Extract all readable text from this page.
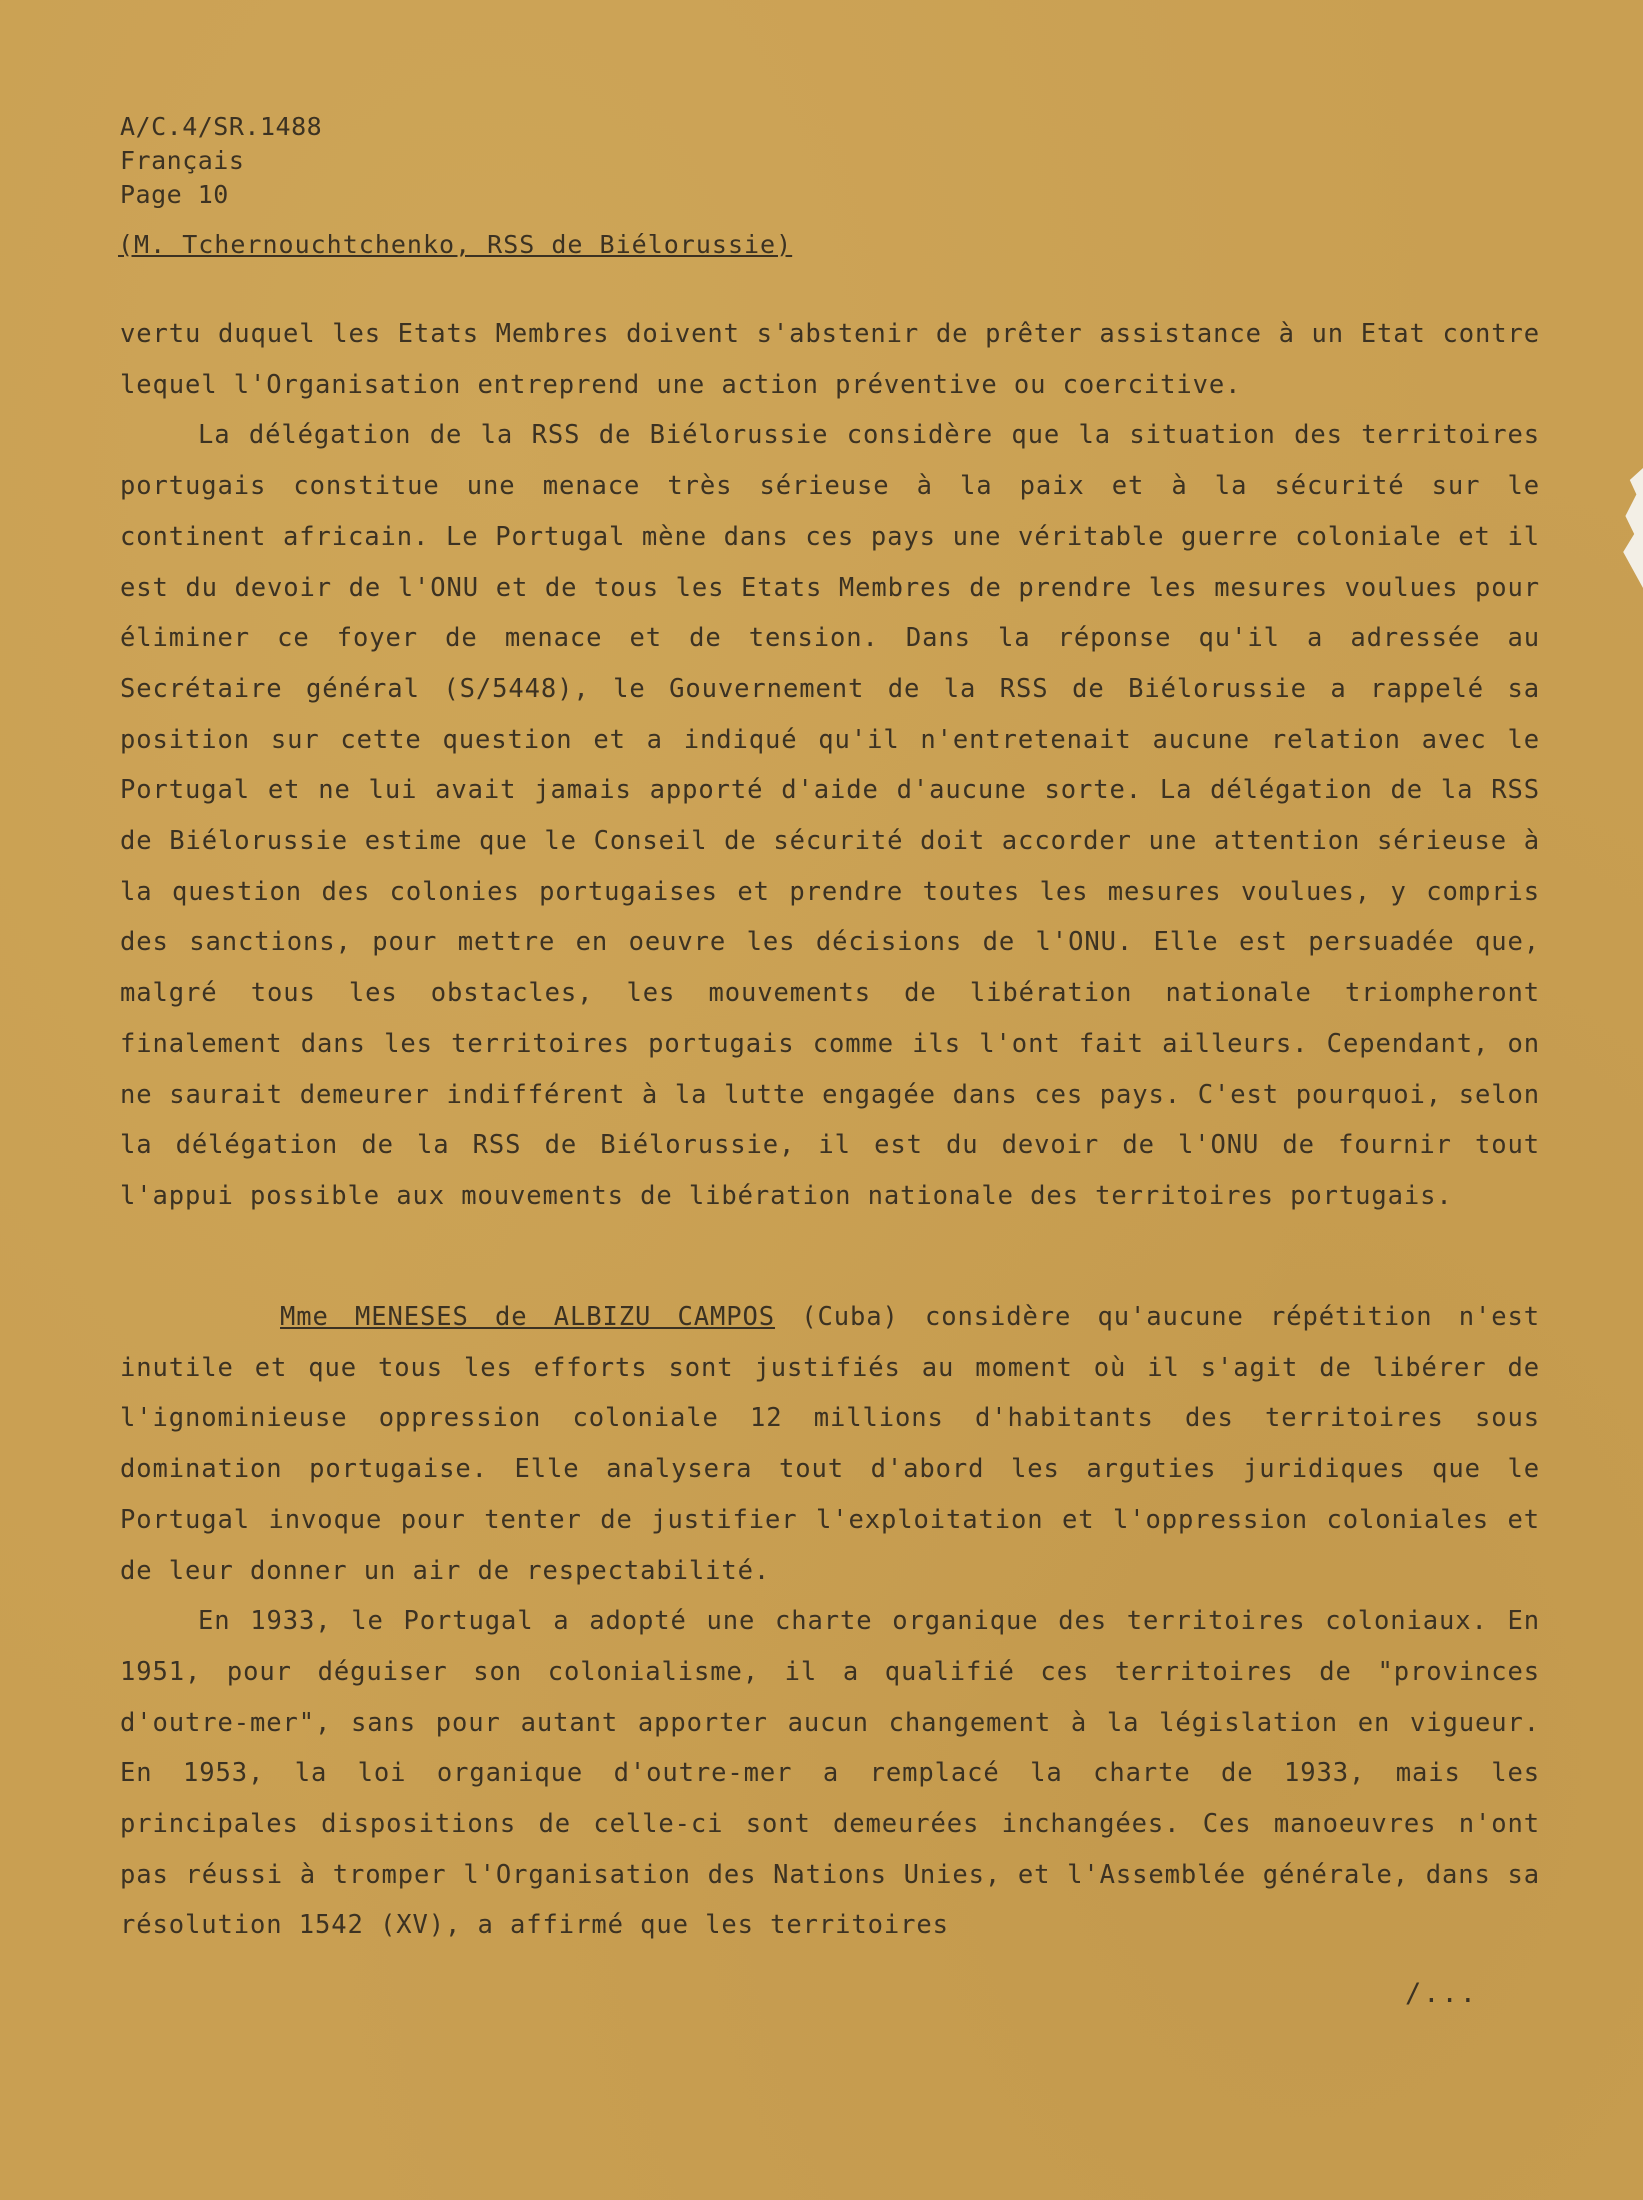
A/C.4/SR.1488
Français
Page 10
(M. Tchernouchtchenko, RSS de Biélorussie)

vertu duquel les Etats Membres doivent s'abstenir de prêter assistance à un Etat contre lequel l'Organisation entreprend une action préventive ou coercitive.

La délégation de la RSS de Biélorussie considère que la situation des territoires portugais constitue une menace très sérieuse à la paix et à la sécurité sur le continent africain. Le Portugal mène dans ces pays une véritable guerre coloniale et il est du devoir de l'ONU et de tous les Etats Membres de prendre les mesures voulues pour éliminer ce foyer de menace et de tension. Dans la réponse qu'il a adressée au Secrétaire général (S/5448), le Gouvernement de la RSS de Biélorussie a rappelé sa position sur cette question et a indiqué qu'il n'entretenait aucune relation avec le Portugal et ne lui avait jamais apporté d'aide d'aucune sorte. La délégation de la RSS de Biélorussie estime que le Conseil de sécurité doit accorder une attention sérieuse à la question des colonies portugaises et prendre toutes les mesures voulues, y compris des sanctions, pour mettre en oeuvre les décisions de l'ONU. Elle est persuadée que, malgré tous les obstacles, les mouvements de libération nationale triompheront finalement dans les territoires portugais comme ils l'ont fait ailleurs. Cependant, on ne saurait demeurer indifférent à la lutte engagée dans ces pays. C'est pourquoi, selon la délégation de la RSS de Biélorussie, il est du devoir de l'ONU de fournir tout l'appui possible aux mouvements de libération nationale des territoires portugais.

Mme MENESES de ALBIZU CAMPOS (Cuba) considère qu'aucune répétition n'est inutile et que tous les efforts sont justifiés au moment où il s'agit de libérer de l'ignominieuse oppression coloniale 12 millions d'habitants des territoires sous domination portugaise. Elle analysera tout d'abord les arguties juridiques que le Portugal invoque pour tenter de justifier l'exploitation et l'oppression coloniales et de leur donner un air de respectabilité.

En 1933, le Portugal a adopté une charte organique des territoires coloniaux. En 1951, pour déguiser son colonialisme, il a qualifié ces territoires de "provinces d'outre-mer", sans pour autant apporter aucun changement à la législation en vigueur. En 1953, la loi organique d'outre-mer a remplacé la charte de 1933, mais les principales dispositions de celle-ci sont demeurées inchangées. Ces manoeuvres n'ont pas réussi à tromper l'Organisation des Nations Unies, et l'Assemblée générale, dans sa résolution 1542 (XV), a affirmé que les territoires

/...
